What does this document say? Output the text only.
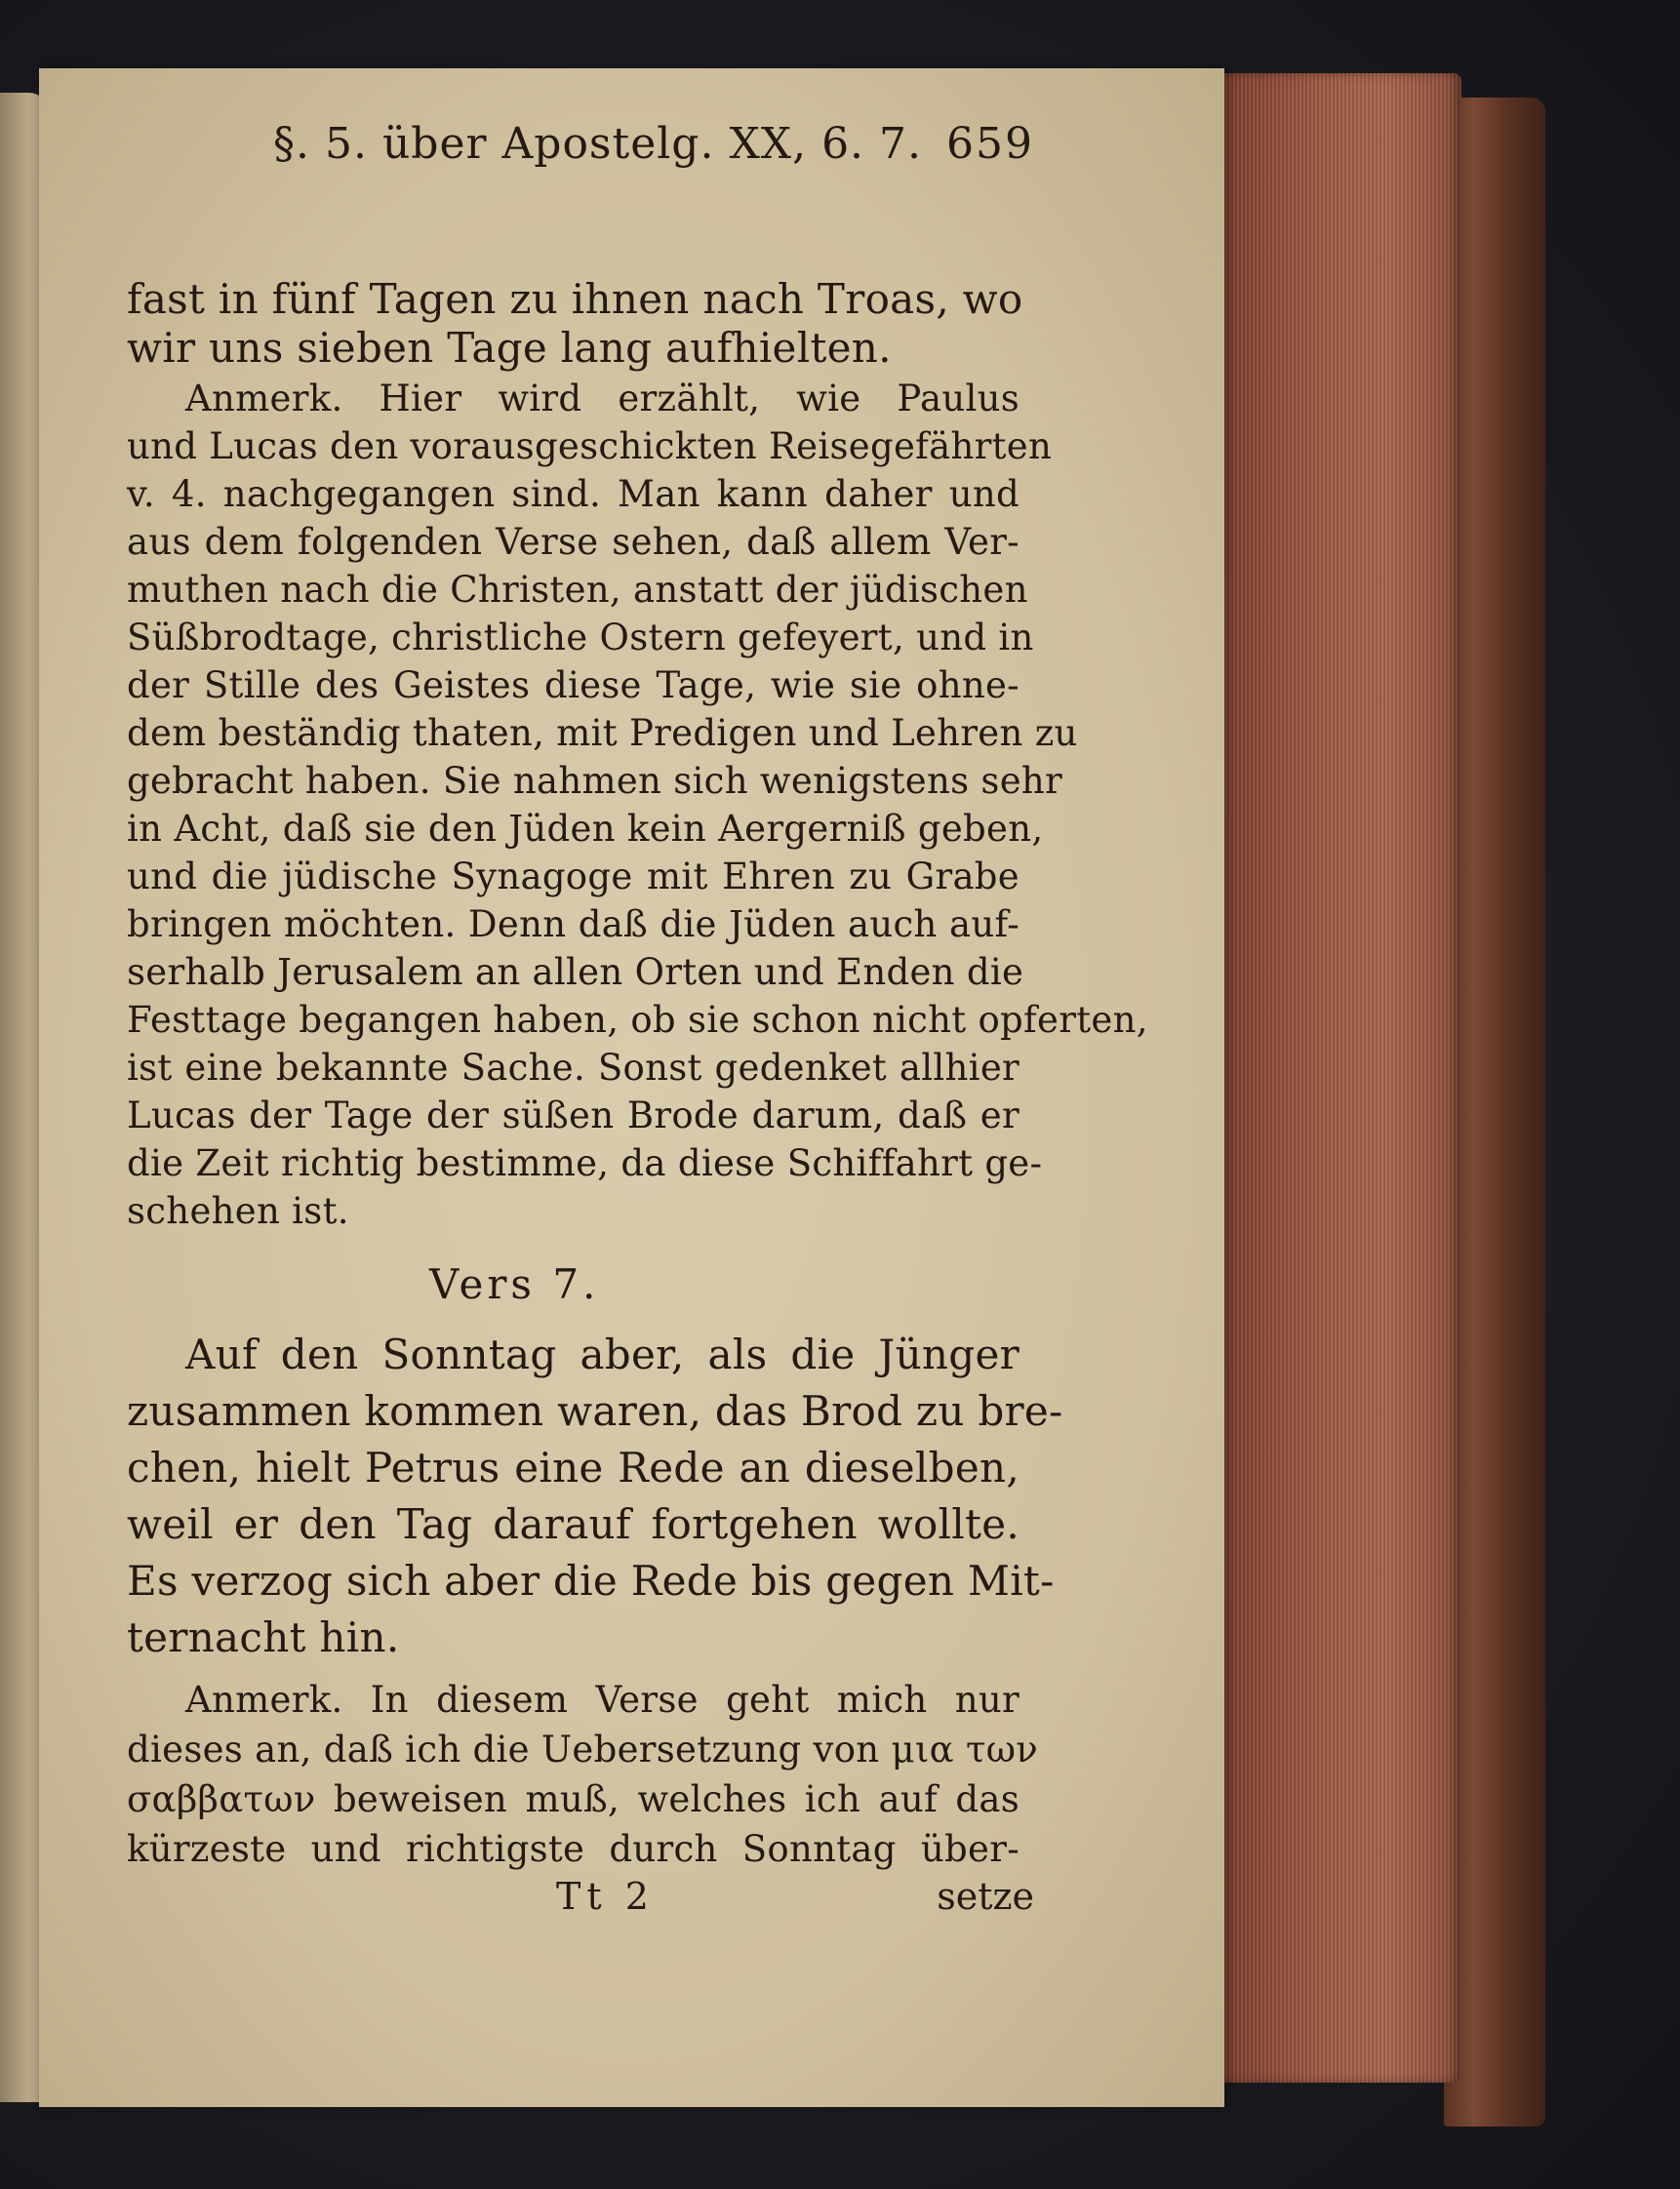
§. 5. über Apostelg. XX, 6. 7. 659
fast in fünf Tagen zu ihnen nach Troas, wo
wir uns sieben Tage lang aufhielten.
Anmerk. Hier wird erzählt, wie Paulus
und Lucas den vorausgeschickten Reisegefährten
v. 4. nachgegangen sind. Man kann daher und
aus dem folgenden Verse sehen, daß allem Ver-
muthen nach die Christen, anstatt der jüdischen
Süßbrodtage, christliche Ostern gefeyert, und in
der Stille des Geistes diese Tage, wie sie ohne-
dem beständig thaten, mit Predigen und Lehren zu
gebracht haben. Sie nahmen sich wenigstens sehr
in Acht, daß sie den Jüden kein Aergerniß geben,
und die jüdische Synagoge mit Ehren zu Grabe
bringen möchten. Denn daß die Jüden auch auf-
serhalb Jerusalem an allen Orten und Enden die
Festtage begangen haben, ob sie schon nicht opferten,
ist eine bekannte Sache. Sonst gedenket allhier
Lucas der Tage der süßen Brode darum, daß er
die Zeit richtig bestimme, da diese Schiffahrt ge-
schehen ist.
Vers 7.
Auf den Sonntag aber, als die Jünger
zusammen kommen waren, das Brod zu bre-
chen, hielt Petrus eine Rede an dieselben,
weil er den Tag darauf fortgehen wollte.
Es verzog sich aber die Rede bis gegen Mit-
ternacht hin.
Anmerk. In diesem Verse geht mich nur
dieses an, daß ich die Uebersetzung von μια των
σαββατων beweisen muß, welches ich auf das
kürzeste und richtigste durch Sonntag über-
Tt 2	setze
